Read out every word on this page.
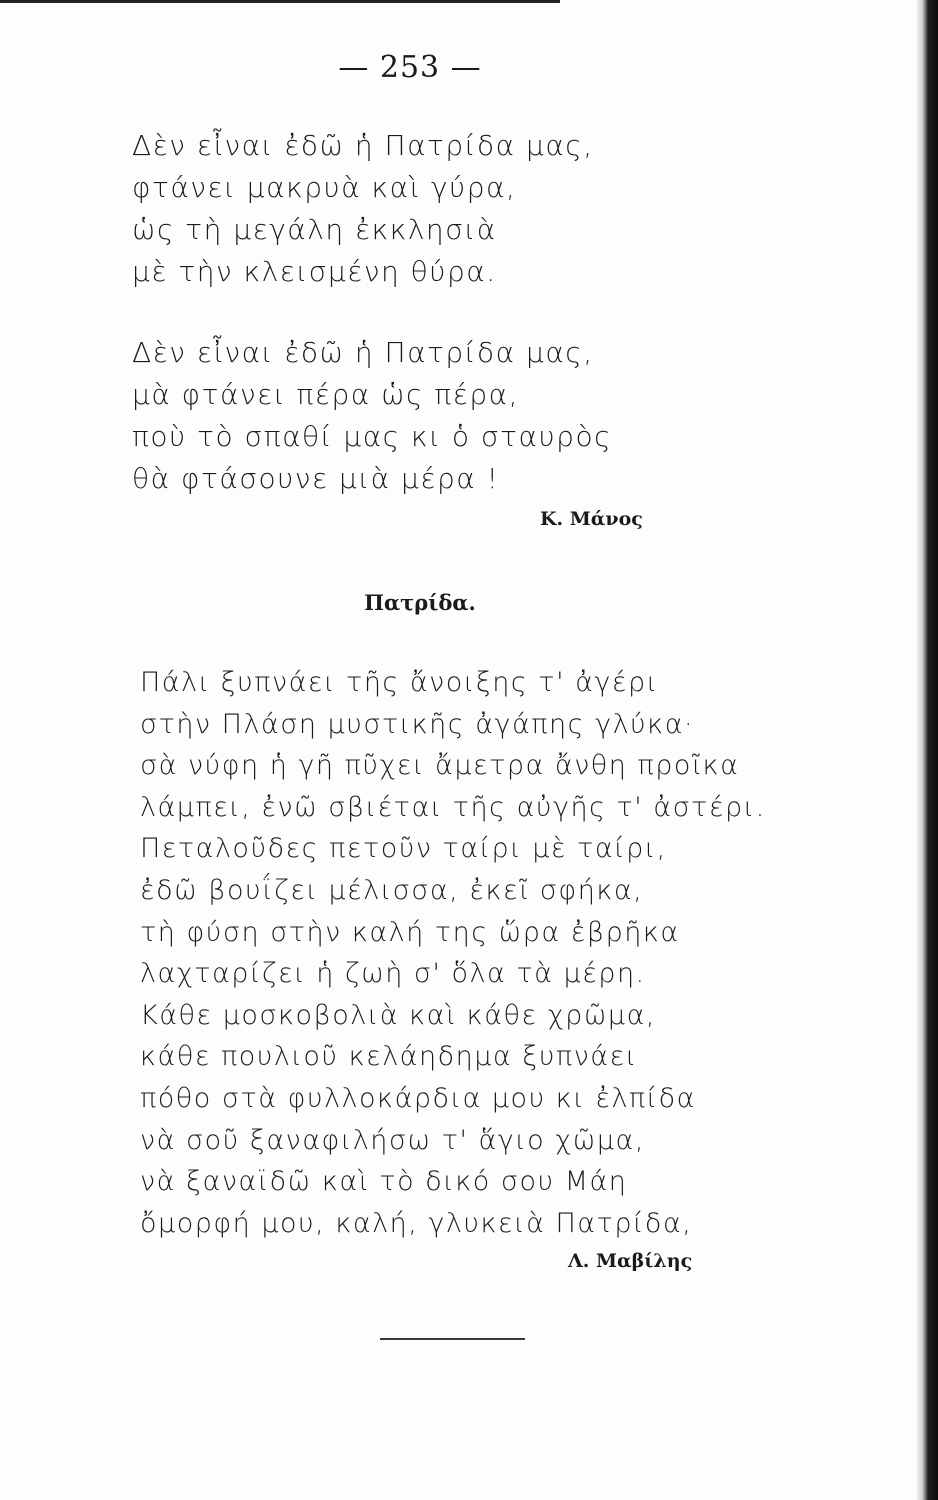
— 253 —
Δὲν εἶναι ἐδῶ ἡ Πατρίδα μας,
φτάνει μακρυὰ καὶ γύρα,
ὡς τὴ μεγάλη ἐκκλησιὰ
μὲ τὴν κλεισμένη θύρα.
Δὲν εἶναι ἐδῶ ἡ Πατρίδα μας,
μὰ φτάνει πέρα ὡς πέρα,
ποὺ τὸ σπαθί μας κι ὁ σταυρὸς
θὰ φτάσουνε μιὰ μέρα !
Κ. Μάνος
Πατρίδα.
Πάλι ξυπνάει τῆς ἄνοιξης τ' ἀγέρι
στὴν Πλάση μυστικῆς ἀγάπης γλύκα·
σὰ νύφη ἡ γῆ πῦχει ἄμετρα ἄνθη προῖκα
λάμπει, ἐνῶ σβιέται τῆς αὐγῆς τ' ἀστέρι.
Πεταλοῦδες πετοῦν ταίρι μὲ ταίρι,
ἐδῶ βουΐζει μέλισσα, ἐκεῖ σφήκα,
τὴ φύση στὴν καλή της ὥρα ἐβρῆκα
λαχταρίζει ἡ ζωὴ σ' ὅλα τὰ μέρη.
Κάθε μοσκοβολιὰ καὶ κάθε χρῶμα,
κάθε πουλιοῦ κελάηδημα ξυπνάει
πόθο στὰ φυλλοκάρδια μου κι ἐλπίδα
νὰ σοῦ ξαναφιλήσω τ' ἅγιο χῶμα,
νὰ ξαναϊδῶ καὶ τὸ δικό σου Μάη
ὄμορφή μου, καλή, γλυκειὰ Πατρίδα,
Λ. Μαβίλης
